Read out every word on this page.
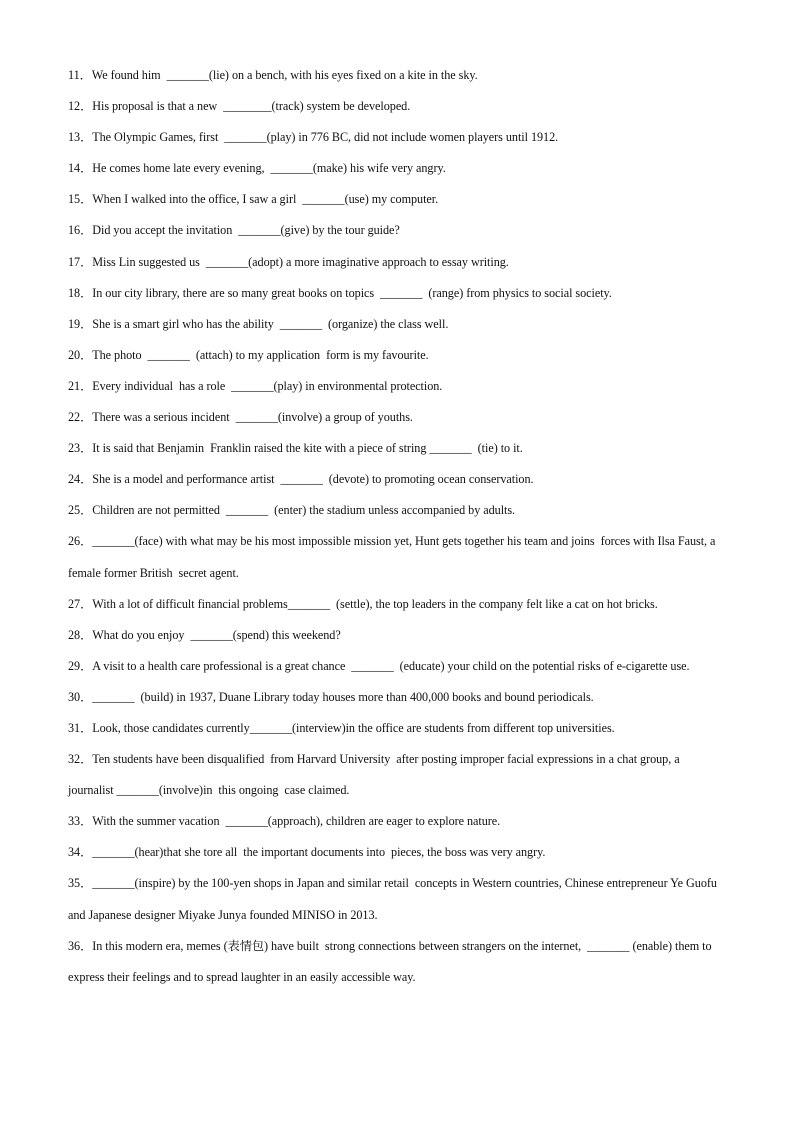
11．We found him  _______(lie) on a bench, with his eyes fixed on a kite in the sky.
12．His proposal is that a new  ________(track) system be developed.
13．The Olympic Games, first  _______(play) in 776 BC, did not include women players until 1912.
14．He comes home late every evening,  _______(make) his wife very angry.
15．When I walked into the office, I saw a girl  _______(use) my computer.
16．Did you accept the invitation  _______(give) by the tour guide?
17．Miss Lin suggested us  _______(adopt) a more imaginative approach to essay writing.
18．In our city library, there are so many great books on topics  _______  (range) from physics to social society.
19．She is a smart girl who has the ability  _______  (organize) the class well.
20．The photo  _______  (attach) to my application  form is my favourite.
21．Every individual  has a role  _______(play) in environmental protection.
22．There was a serious incident  _______(involve) a group of youths.
23．It is said that Benjamin  Franklin raised the kite with a piece of string _______  (tie) to it.
24．She is a model and performance artist  _______  (devote) to promoting ocean conservation.
25．Children are not permitted  _______  (enter) the stadium unless accompanied by adults.
26．_______(face) with what may be his most impossible mission yet, Hunt gets together his team and joins  forces with Ilsa Faust, a female former British  secret agent.
27．With a lot of difficult financial problems_______  (settle), the top leaders in the company felt like a cat on hot bricks.
28．What do you enjoy  _______(spend) this weekend?
29．A visit to a health care professional is a great chance  _______  (educate) your child on the potential risks of e-cigarette use.
30．_______  (build) in 1937, Duane Library today houses more than 400,000 books and bound periodicals.
31．Look, those candidates currently_______(interview)in the office are students from different top universities.
32．Ten students have been disqualified  from Harvard University  after posting improper facial expressions in a chat group, a journalist _______(involve)in  this ongoing  case claimed.
33．With the summer vacation  _______(approach), children are eager to explore nature.
34．_______(hear)that she tore all  the important documents into  pieces, the boss was very angry.
35．_______(inspire) by the 100-yen shops in Japan and similar retail  concepts in Western countries, Chinese entrepreneur Ye Guofu and Japanese designer Miyake Junya founded MINISO in 2013.
36．In this modern era, memes (表情包) have built  strong connections between strangers on the internet,  _______ (enable) them to express their feelings and to spread laughter in an easily accessible way.
